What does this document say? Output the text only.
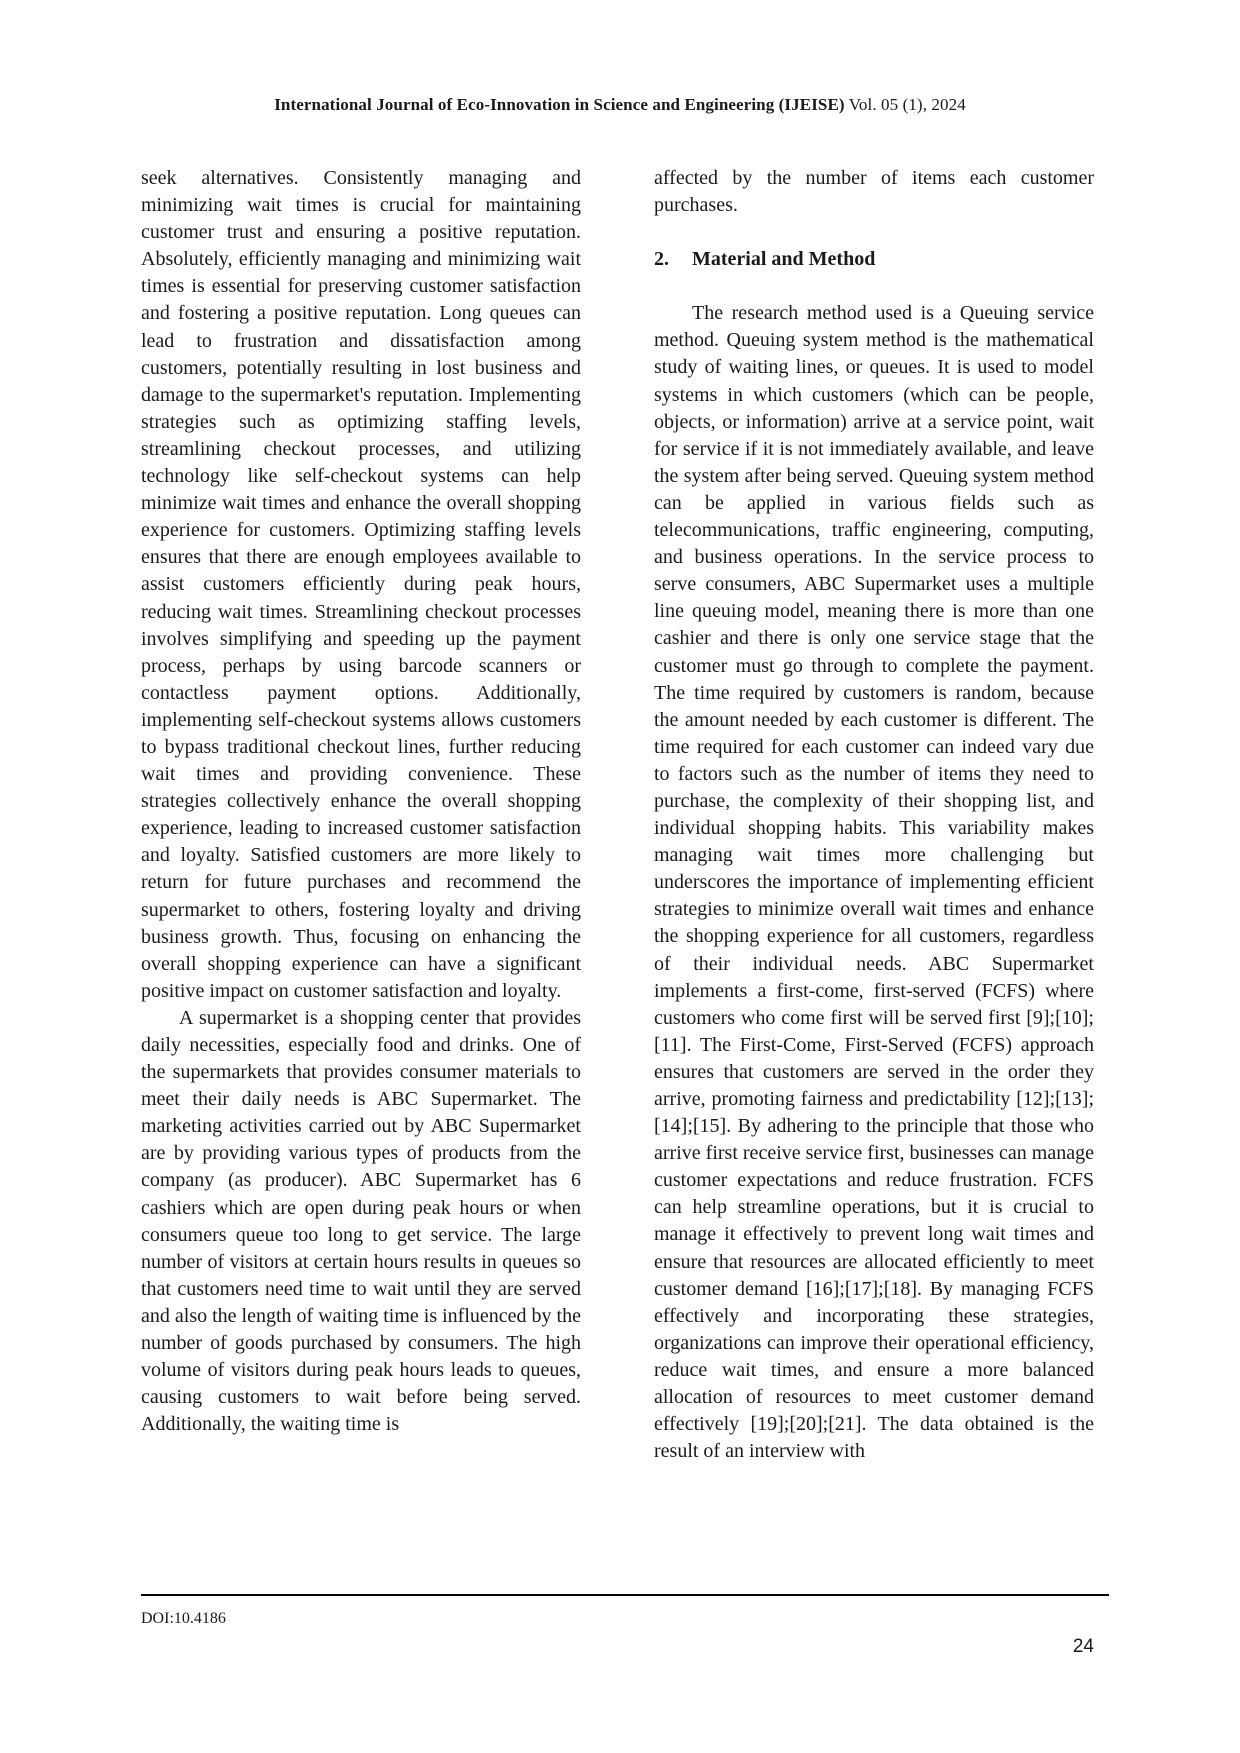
International Journal of Eco-Innovation in Science and Engineering (IJEISE) Vol. 05 (1), 2024

seek alternatives. Consistently managing and minimizing wait times is crucial for maintaining customer trust and ensuring a positive reputation. Absolutely, efficiently managing and minimizing wait times is essential for preserving customer satisfaction and fostering a positive reputation. Long queues can lead to frustration and dissatisfaction among customers, potentially resulting in lost business and damage to the supermarket's reputation. Implementing strategies such as optimizing staffing levels, streamlining checkout processes, and utilizing technology like self-checkout systems can help minimize wait times and enhance the overall shopping experience for customers. Optimizing staffing levels ensures that there are enough employees available to assist customers efficiently during peak hours, reducing wait times. Streamlining checkout processes involves simplifying and speeding up the payment process, perhaps by using barcode scanners or contactless payment options. Additionally, implementing self-checkout systems allows customers to bypass traditional checkout lines, further reducing wait times and providing convenience. These strategies collectively enhance the overall shopping experience, leading to increased customer satisfaction and loyalty. Satisfied customers are more likely to return for future purchases and recommend the supermarket to others, fostering loyalty and driving business growth. Thus, focusing on enhancing the overall shopping experience can have a significant positive impact on customer satisfaction and loyalty.

A supermarket is a shopping center that provides daily necessities, especially food and drinks. One of the supermarkets that provides consumer materials to meet their daily needs is ABC Supermarket. The marketing activities carried out by ABC Supermarket are by providing various types of products from the company (as producer). ABC Supermarket has 6 cashiers which are open during peak hours or when consumers queue too long to get service. The large number of visitors at certain hours results in queues so that customers need time to wait until they are served and also the length of waiting time is influenced by the number of goods purchased by consumers. The high volume of visitors during peak hours leads to queues, causing customers to wait before being served. Additionally, the waiting time is

affected by the number of items each customer purchases.

2. Material and Method

The research method used is a Queuing service method. Queuing system method is the mathematical study of waiting lines, or queues. It is used to model systems in which customers (which can be people, objects, or information) arrive at a service point, wait for service if it is not immediately available, and leave the system after being served. Queuing system method can be applied in various fields such as telecommunications, traffic engineering, computing, and business operations. In the service process to serve consumers, ABC Supermarket uses a multiple line queuing model, meaning there is more than one cashier and there is only one service stage that the customer must go through to complete the payment. The time required by customers is random, because the amount needed by each customer is different. The time required for each customer can indeed vary due to factors such as the number of items they need to purchase, the complexity of their shopping list, and individual shopping habits. This variability makes managing wait times more challenging but underscores the importance of implementing efficient strategies to minimize overall wait times and enhance the shopping experience for all customers, regardless of their individual needs. ABC Supermarket implements a first-come, first-served (FCFS) where customers who come first will be served first [9];[10];[11]. The First-Come, First-Served (FCFS) approach ensures that customers are served in the order they arrive, promoting fairness and predictability [12];[13];[14];[15]. By adhering to the principle that those who arrive first receive service first, businesses can manage customer expectations and reduce frustration. FCFS can help streamline operations, but it is crucial to manage it effectively to prevent long wait times and ensure that resources are allocated efficiently to meet customer demand [16];[17];[18]. By managing FCFS effectively and incorporating these strategies, organizations can improve their operational efficiency, reduce wait times, and ensure a more balanced allocation of resources to meet customer demand effectively [19];[20];[21]. The data obtained is the result of an interview with

DOI:10.4186
24
